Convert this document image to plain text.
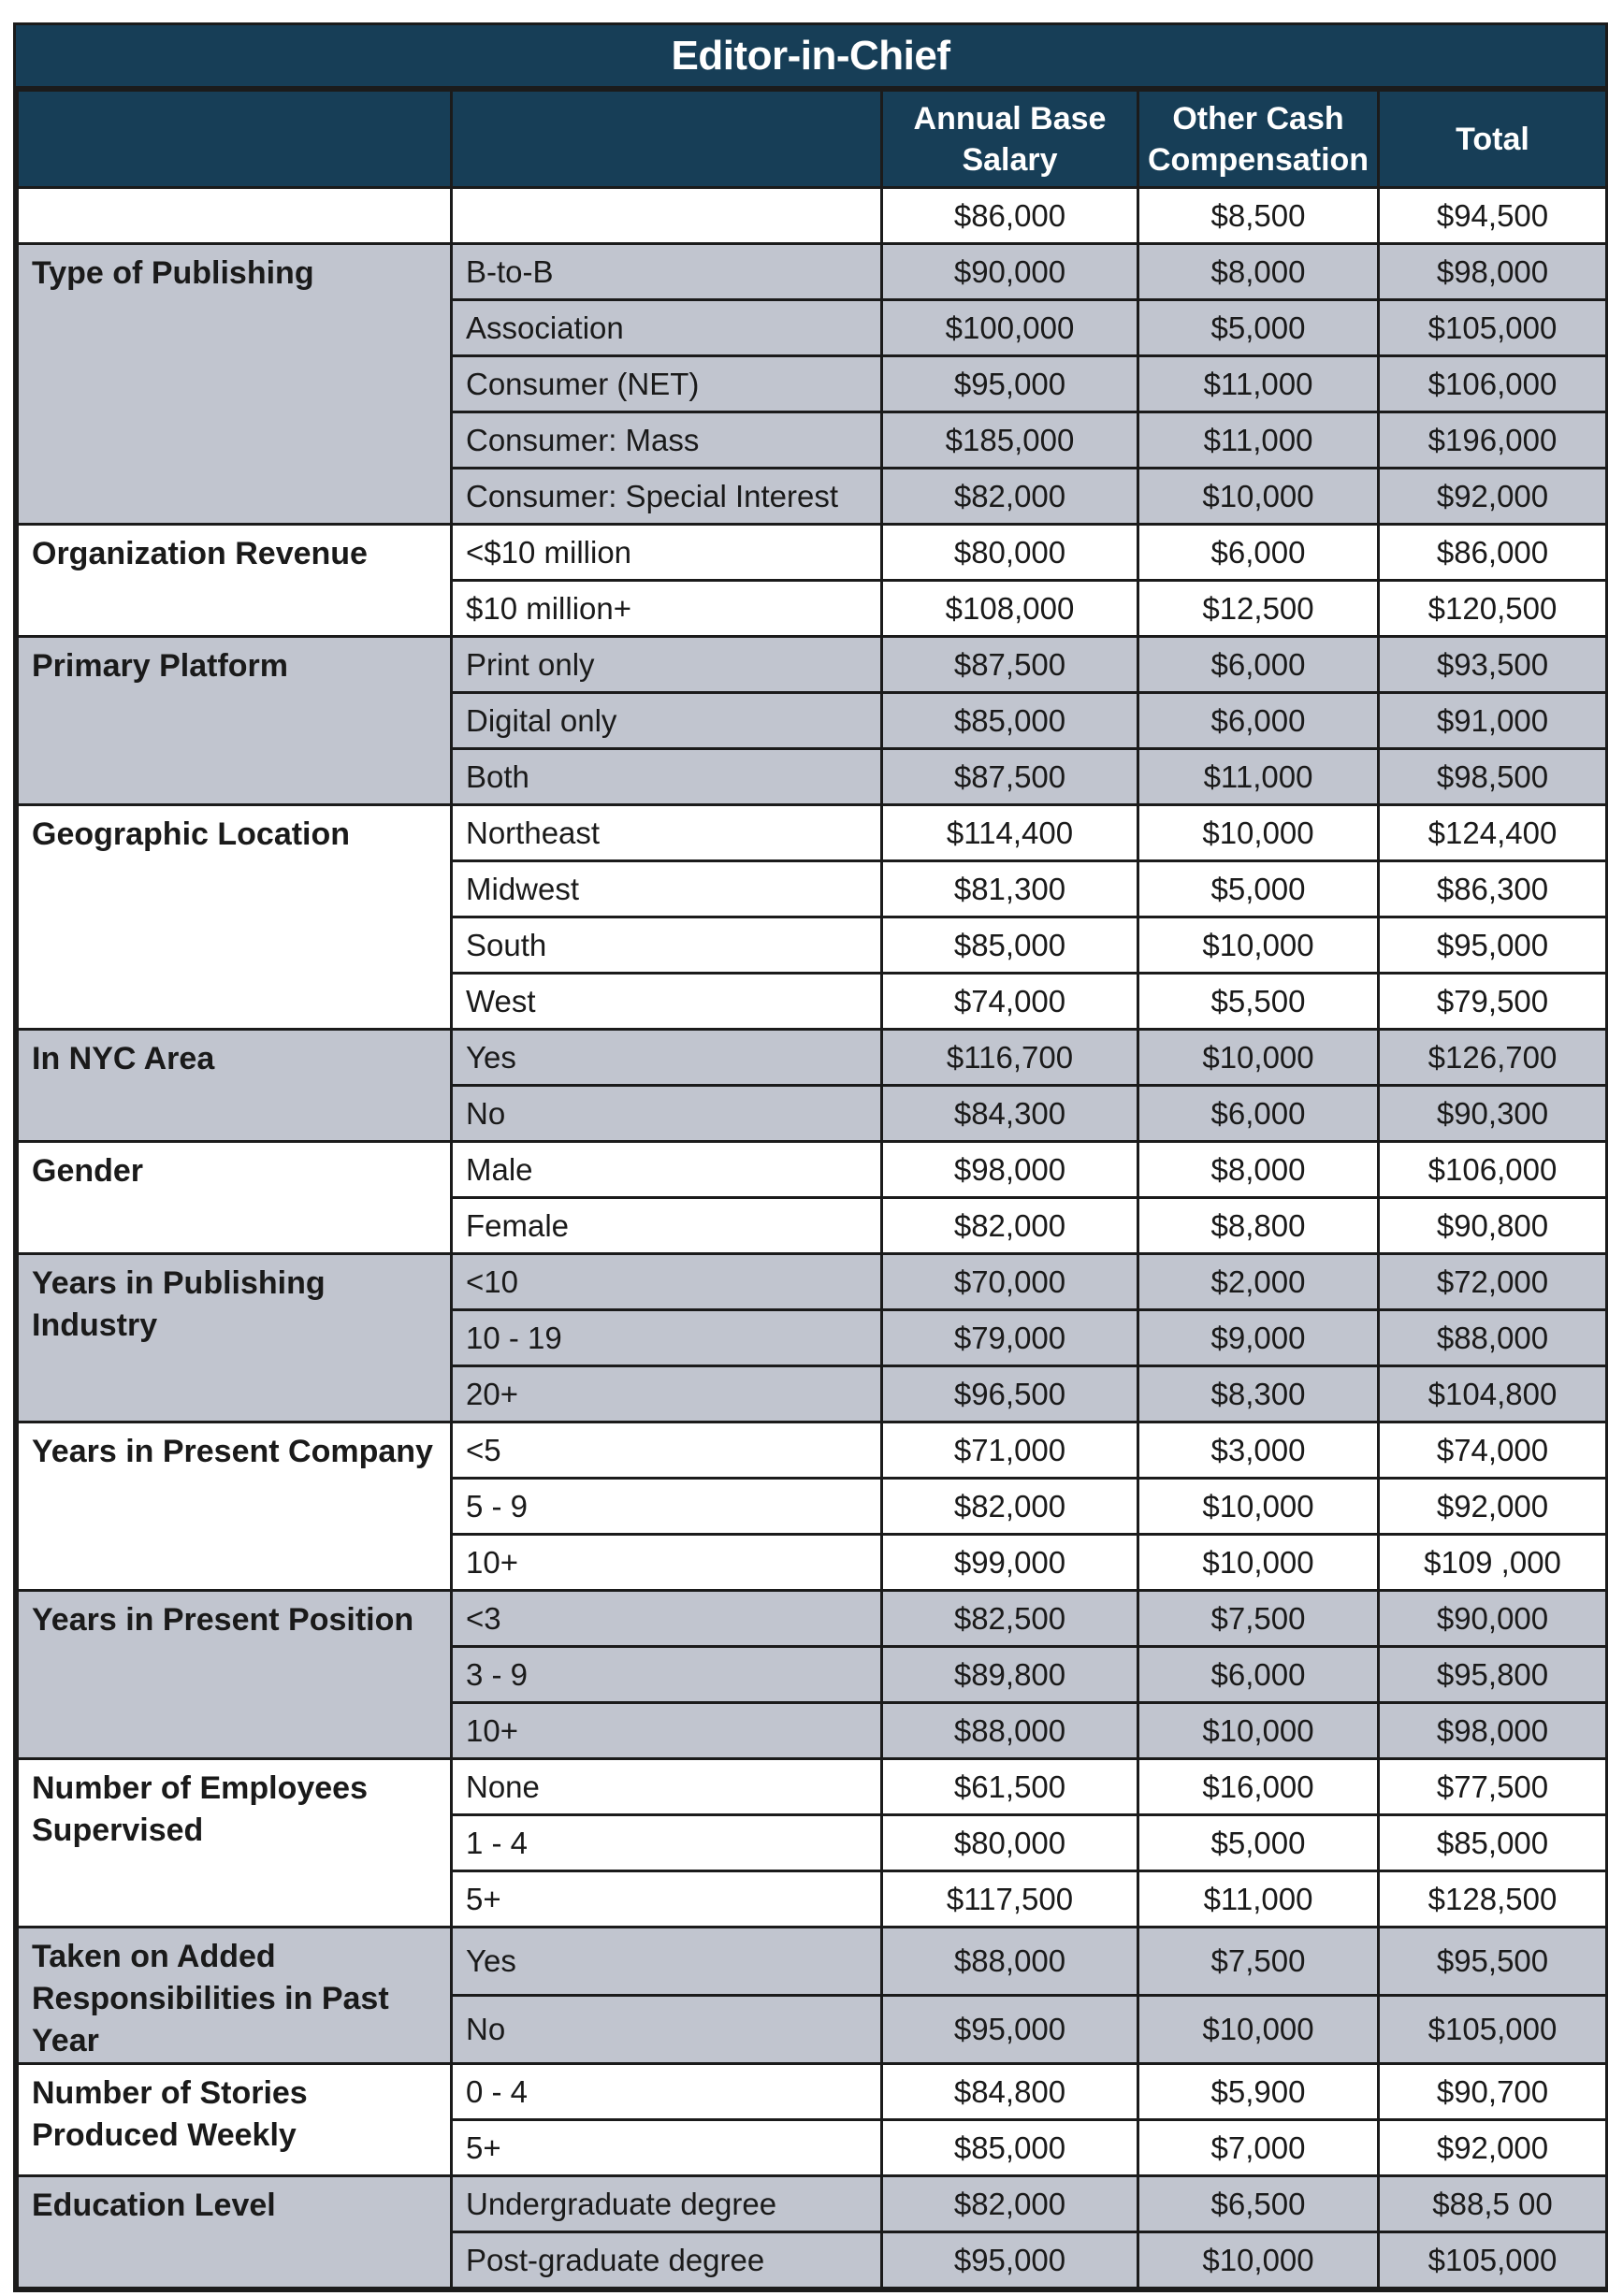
Editor-in-Chief
		Annual Base Salary	Other Cash Compensation	Total
		$86,000	$8,500	$94,500
Type of Publishing	B-to-B	$90,000	$8,000	$98,000
	Association	$100,000	$5,000	$105,000
	Consumer (NET)	$95,000	$11,000	$106,000
	Consumer: Mass	$185,000	$11,000	$196,000
	Consumer: Special Interest	$82,000	$10,000	$92,000
Organization Revenue	<$10 million	$80,000	$6,000	$86,000
	$10 million+	$108,000	$12,500	$120,500
Primary Platform	Print only	$87,500	$6,000	$93,500
	Digital only	$85,000	$6,000	$91,000
	Both	$87,500	$11,000	$98,500
Geographic Location	Northeast	$114,400	$10,000	$124,400
	Midwest	$81,300	$5,000	$86,300
	South	$85,000	$10,000	$95,000
	West	$74,000	$5,500	$79,500
In NYC Area	Yes	$116,700	$10,000	$126,700
	No	$84,300	$6,000	$90,300
Gender	Male	$98,000	$8,000	$106,000
	Female	$82,000	$8,800	$90,800
Years in Publishing Industry	<10	$70,000	$2,000	$72,000
	10 - 19	$79,000	$9,000	$88,000
	20+	$96,500	$8,300	$104,800
Years in Present Company	<5	$71,000	$3,000	$74,000
	5 - 9	$82,000	$10,000	$92,000
	10+	$99,000	$10,000	$109 ,000
Years in Present Position	<3	$82,500	$7,500	$90,000
	3 - 9	$89,800	$6,000	$95,800
	10+	$88,000	$10,000	$98,000
Number of Employees Supervised	None	$61,500	$16,000	$77,500
	1 - 4	$80,000	$5,000	$85,000
	5+	$117,500	$11,000	$128,500
Taken on Added Responsibilities in Past Year	Yes	$88,000	$7,500	$95,500
	No	$95,000	$10,000	$105,000
Number of Stories Produced Weekly	0 - 4	$84,800	$5,900	$90,700
	5+	$85,000	$7,000	$92,000
Education Level	Undergraduate degree	$82,000	$6,500	$88,5 00
	Post-graduate degree	$95,000	$10,000	$105,000
